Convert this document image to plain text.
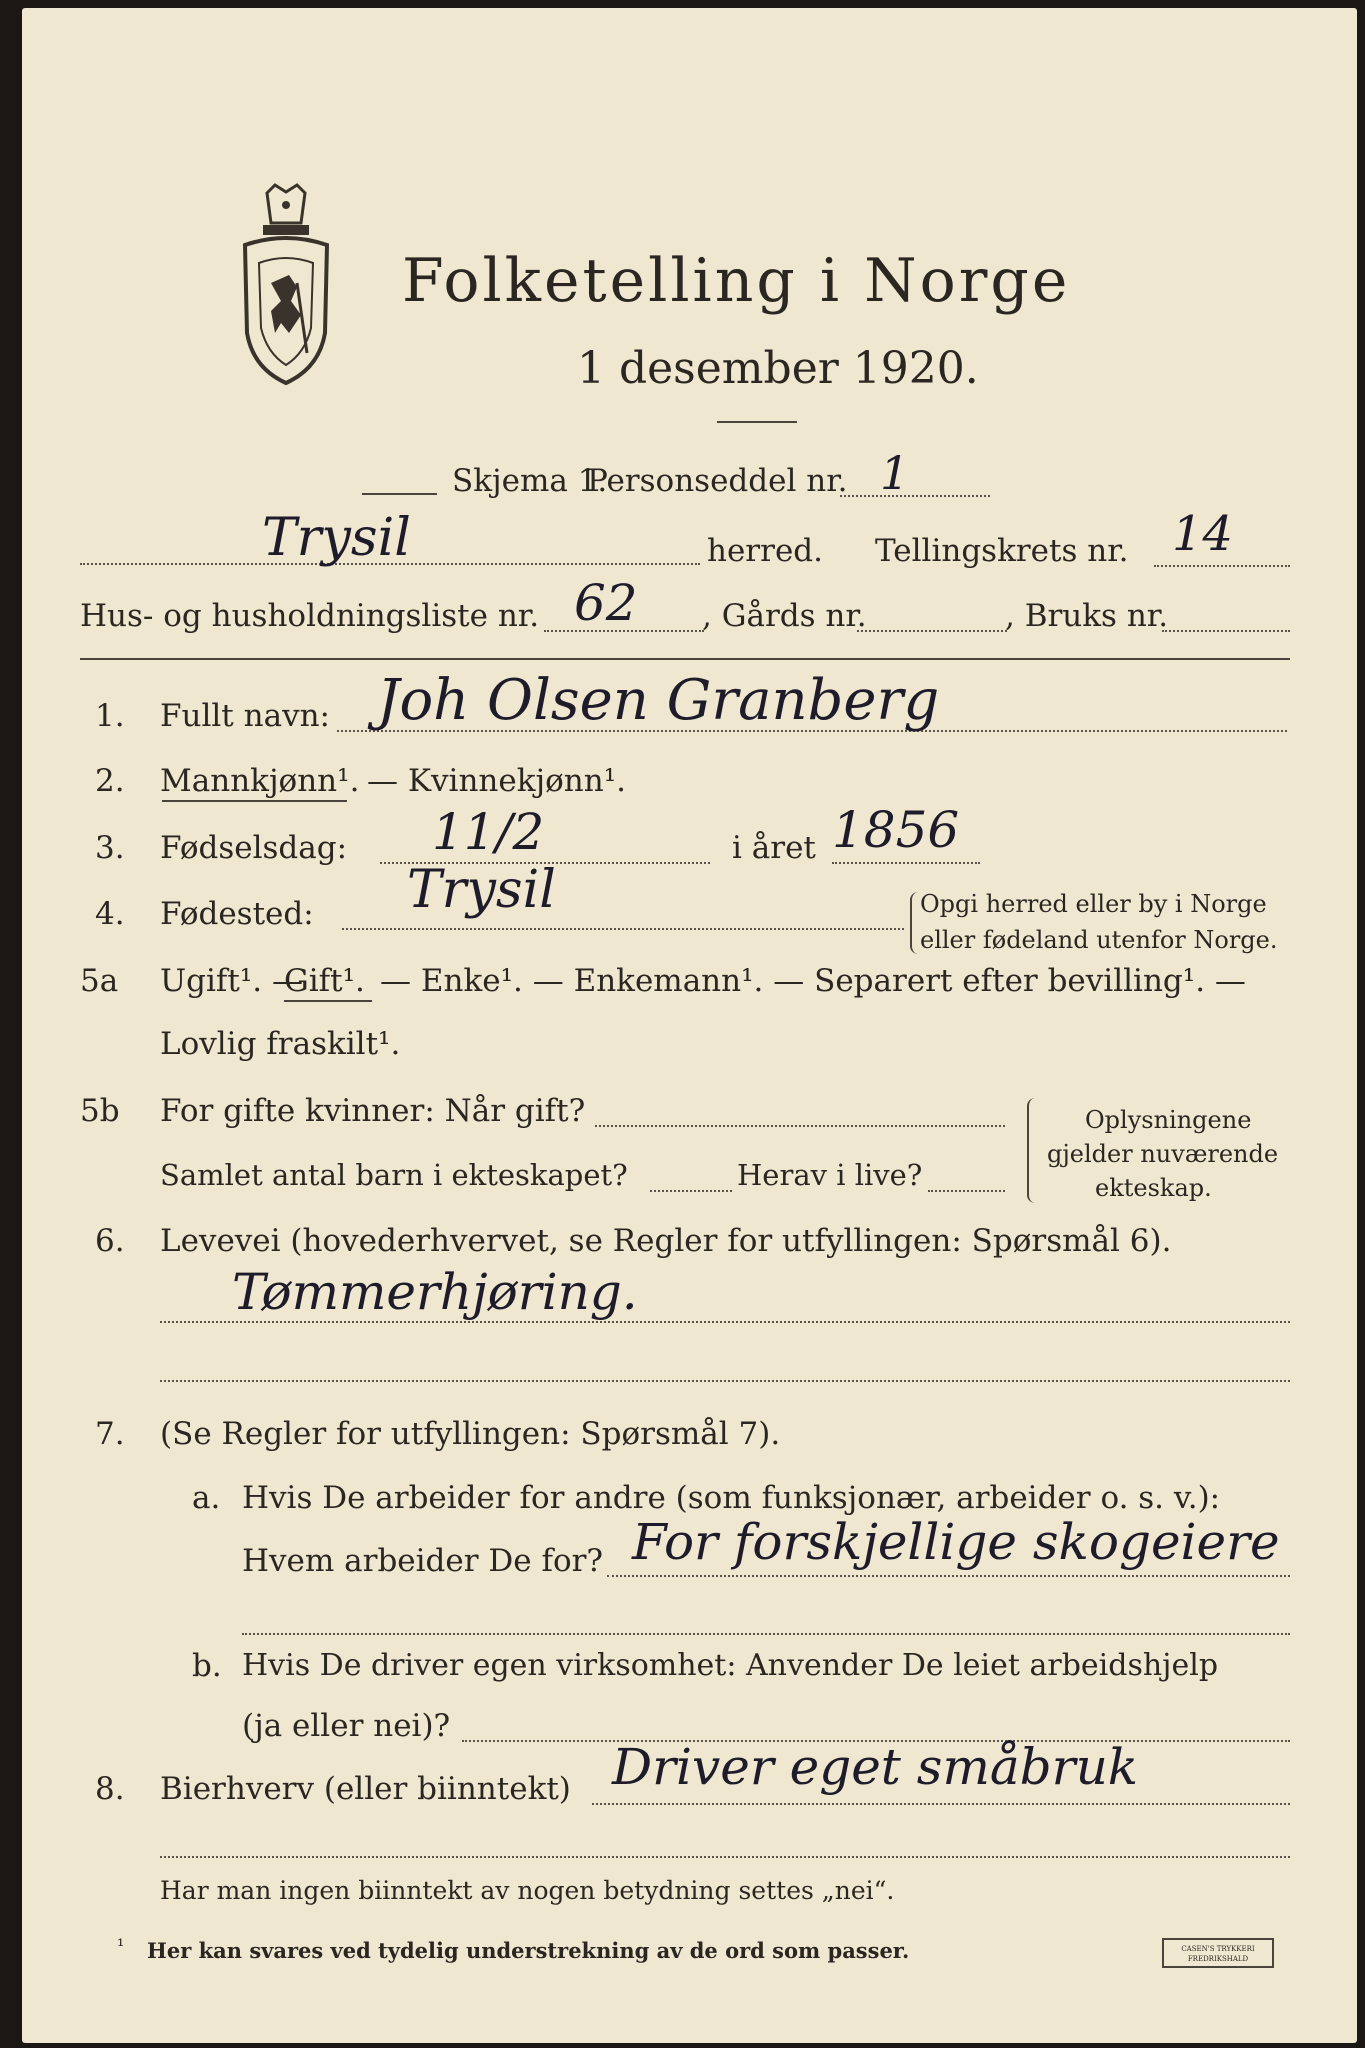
Folketelling i Norge
1 desember 1920.
Skjema 1.
Personseddel nr. 1
Trysil	herred. Tellingskrets nr. 14
Hus- og husholdningsliste nr. 62 , Gårds nr.	, Bruks nr.
1. Fullt navn: Joh Olsen Granberg
2. Mannkjønn¹. — Kvinnekjønn¹.
3. Fødselsdag: 11/2	i året 1856
4. Fødested: Trysil	Opgi herred eller by i Norge
eller fødeland utenfor Norge.
5a Ugift¹. —
Gift¹. — Enke¹. — Enkemann¹. — Separert efter bevilling¹. —
Lovlig fraskilt¹.
5b For gifte kvinner: Når gift?
Samlet antal barn i ekteskapet?	Herav i live?
Oplysningene
gjelder nuværende
ekteskap.
6. Levevei (hovederhvervet, se Regler for utfyllingen: Spørsmål 6).
Tømmerhjøring.
7. (Se Regler for utfyllingen: Spørsmål 7).
a. Hvis De arbeider for andre (som funksjonær, arbeider o. s. v.):
Hvem arbeider De for? For forskjellige skogeiere
b. Hvis De driver egen virksomhet: Anvender De leiet arbeidshjelp
(ja eller nei)?
8. Bierhverv (eller biinntekt) Driver eget småbruk
Har man ingen biinntekt av nogen betydning settes „nei“.
¹ Her kan svares ved tydelig understrekning av de ord som passer.	CASEN'S TRYKKERI FREDRIKSHALD
